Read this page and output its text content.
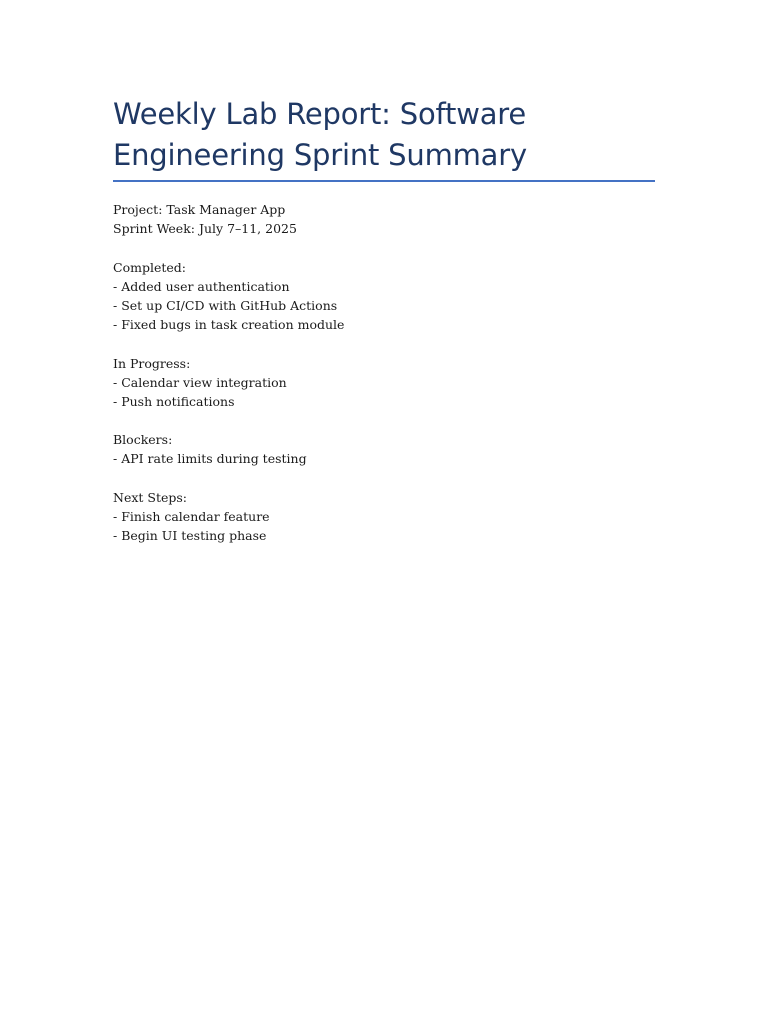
Weekly Lab Report: Software
Engineering Sprint Summary
Project: Task Manager App
Sprint Week: July 7–11, 2025
Completed:
- Added user authentication
- Set up CI/CD with GitHub Actions
- Fixed bugs in task creation module
In Progress:
- Calendar view integration
- Push notifications
Blockers:
- API rate limits during testing
Next Steps:
- Finish calendar feature
- Begin UI testing phase
